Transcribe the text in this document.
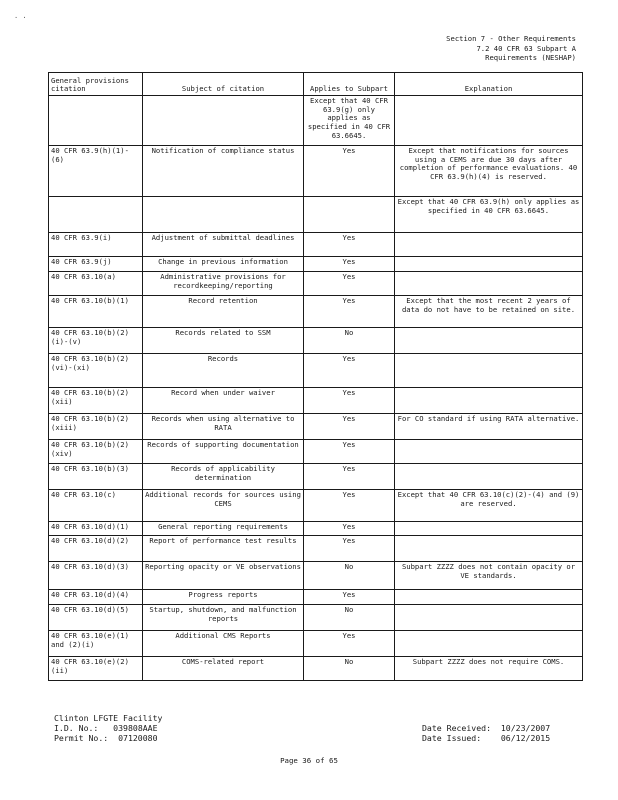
· ·
Section 7 - Other Requirements
7.2 40 CFR 63 Subpart A
Requirements (NESHAP)
General provisions citation	Subject of citation	Applies to Subpart	Explanation
		Except that 40 CFR 63.9(g) only applies as specified in 40 CFR 63.6645.	
40 CFR 63.9(h)(1)-(6)	Notification of compliance status	Yes	Except that notifications for sources using a CEMS are due 30 days after completion of performance evaluations. 40 CFR 63.9(h)(4) is reserved.
			Except that 40 CFR 63.9(h) only applies as specified in 40 CFR 63.6645.
40 CFR 63.9(i)	Adjustment of submittal deadlines	Yes	
40 CFR 63.9(j)	Change in previous information	Yes	
40 CFR 63.10(a)	Administrative provisions for recordkeeping/reporting	Yes	
40 CFR 63.10(b)(1)	Record retention	Yes	Except that the most recent 2 years of data do not have to be retained on site.
40 CFR 63.10(b)(2)(i)-(v)	Records related to SSM	No	
40 CFR 63.10(b)(2)(vi)-(xi)	Records	Yes	
40 CFR 63.10(b)(2)(xii)	Record when under waiver	Yes	
40 CFR 63.10(b)(2)(xiii)	Records when using alternative to RATA	Yes	For CO standard if using RATA alternative.
40 CFR 63.10(b)(2)(xiv)	Records of supporting documentation	Yes	
40 CFR 63.10(b)(3)	Records of applicability determination	Yes	
40 CFR 63.10(c)	Additional records for sources using CEMS	Yes	Except that 40 CFR 63.10(c)(2)-(4) and (9) are reserved.
40 CFR 63.10(d)(1)	General reporting requirements	Yes	
40 CFR 63.10(d)(2)	Report of performance test results	Yes	
40 CFR 63.10(d)(3)	Reporting opacity or VE observations	No	Subpart ZZZZ does not contain opacity or VE standards.
40 CFR 63.10(d)(4)	Progress reports	Yes	
40 CFR 63.10(d)(5)	Startup, shutdown, and malfunction reports	No	
40 CFR 63.10(e)(1) and (2)(i)	Additional CMS Reports	Yes	
40 CFR 63.10(e)(2)(ii)	COMS-related report	No	Subpart ZZZZ does not require COMS.
Clinton LFGTE Facility
I.D. No.: 039808AAE
Permit No.: 07120080
Date Received: 10/23/2007
Date Issued: 06/12/2015
Page 36 of 65
